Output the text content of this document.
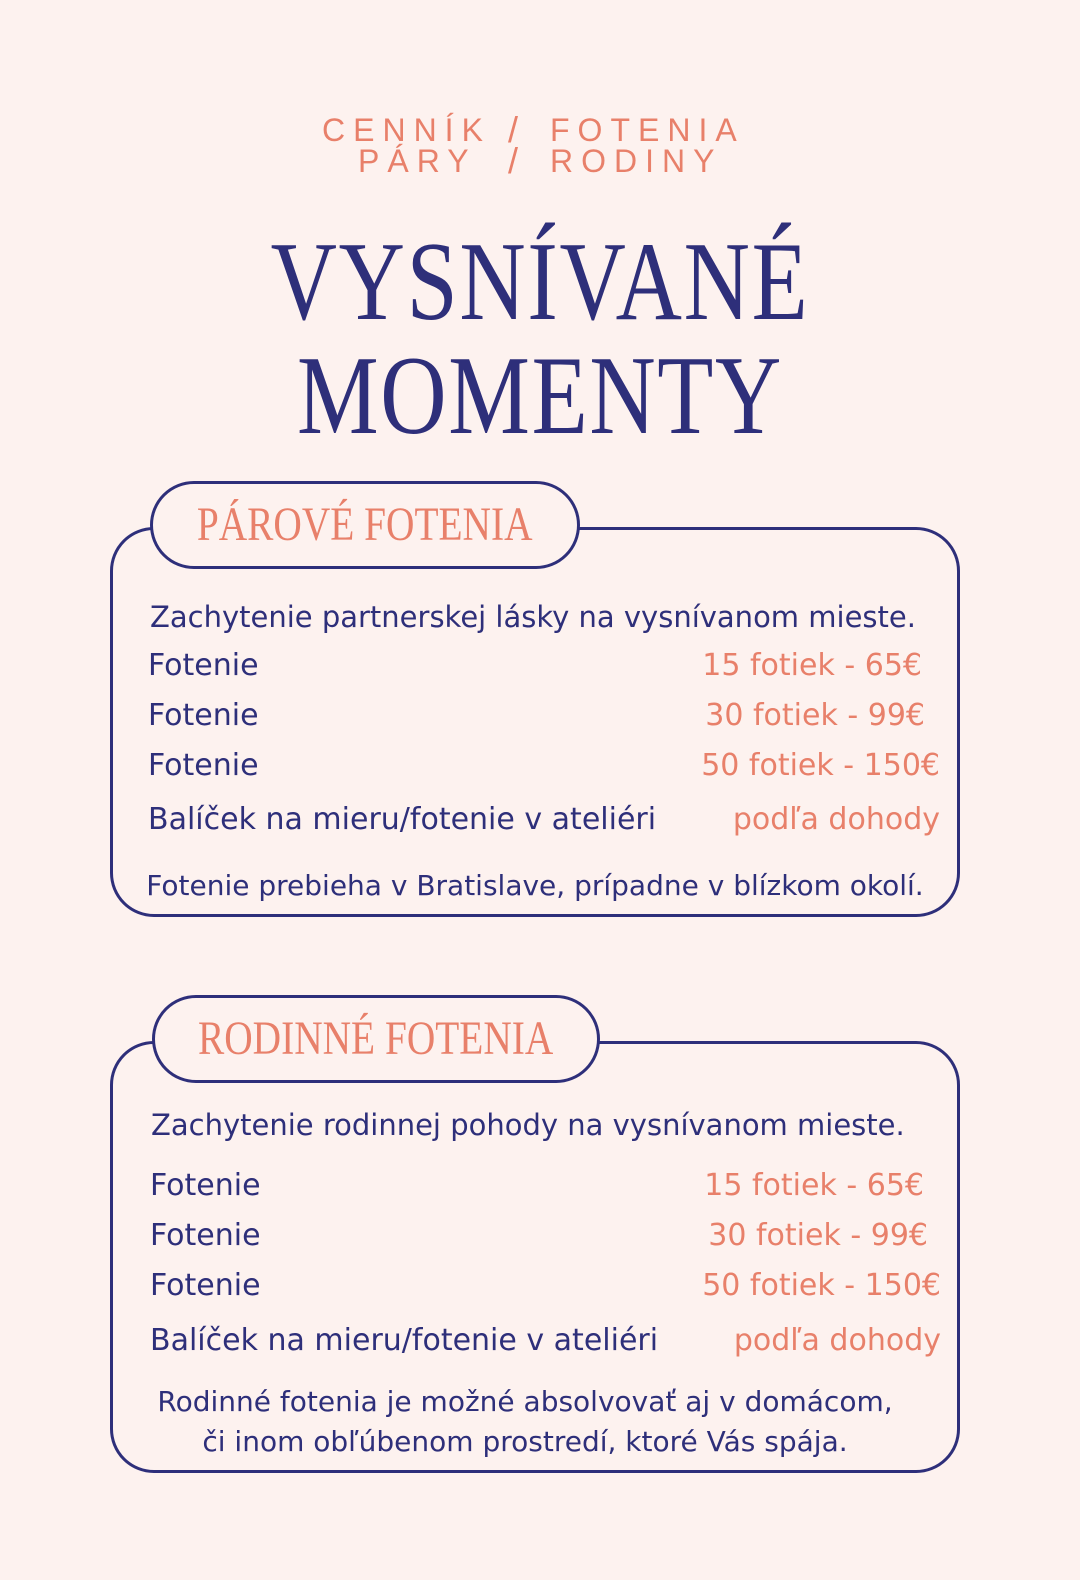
CENNÍK / FOTENIA
PÁRY / RODINY
VYSNÍVANÉ
MOMENTY
PÁROVÉ FOTENIA
Zachytenie partnerskej lásky na vysnívanom mieste.
Fotenie	15 fotiek - 65€
Fotenie	30 fotiek - 99€
Fotenie	50 fotiek - 150€
Balíček na mieru/fotenie v ateliéri	podľa dohody
Fotenie prebieha v Bratislave, prípadne v blízkom okolí.
RODINNÉ FOTENIA
Zachytenie rodinnej pohody na vysnívanom mieste.
Fotenie	15 fotiek - 65€
Fotenie	30 fotiek - 99€
Fotenie	50 fotiek - 150€
Balíček na mieru/fotenie v ateliéri	podľa dohody
Rodinné fotenia je možné absolvovať aj v domácom,
či inom obľúbenom prostredí, ktoré Vás spája.
